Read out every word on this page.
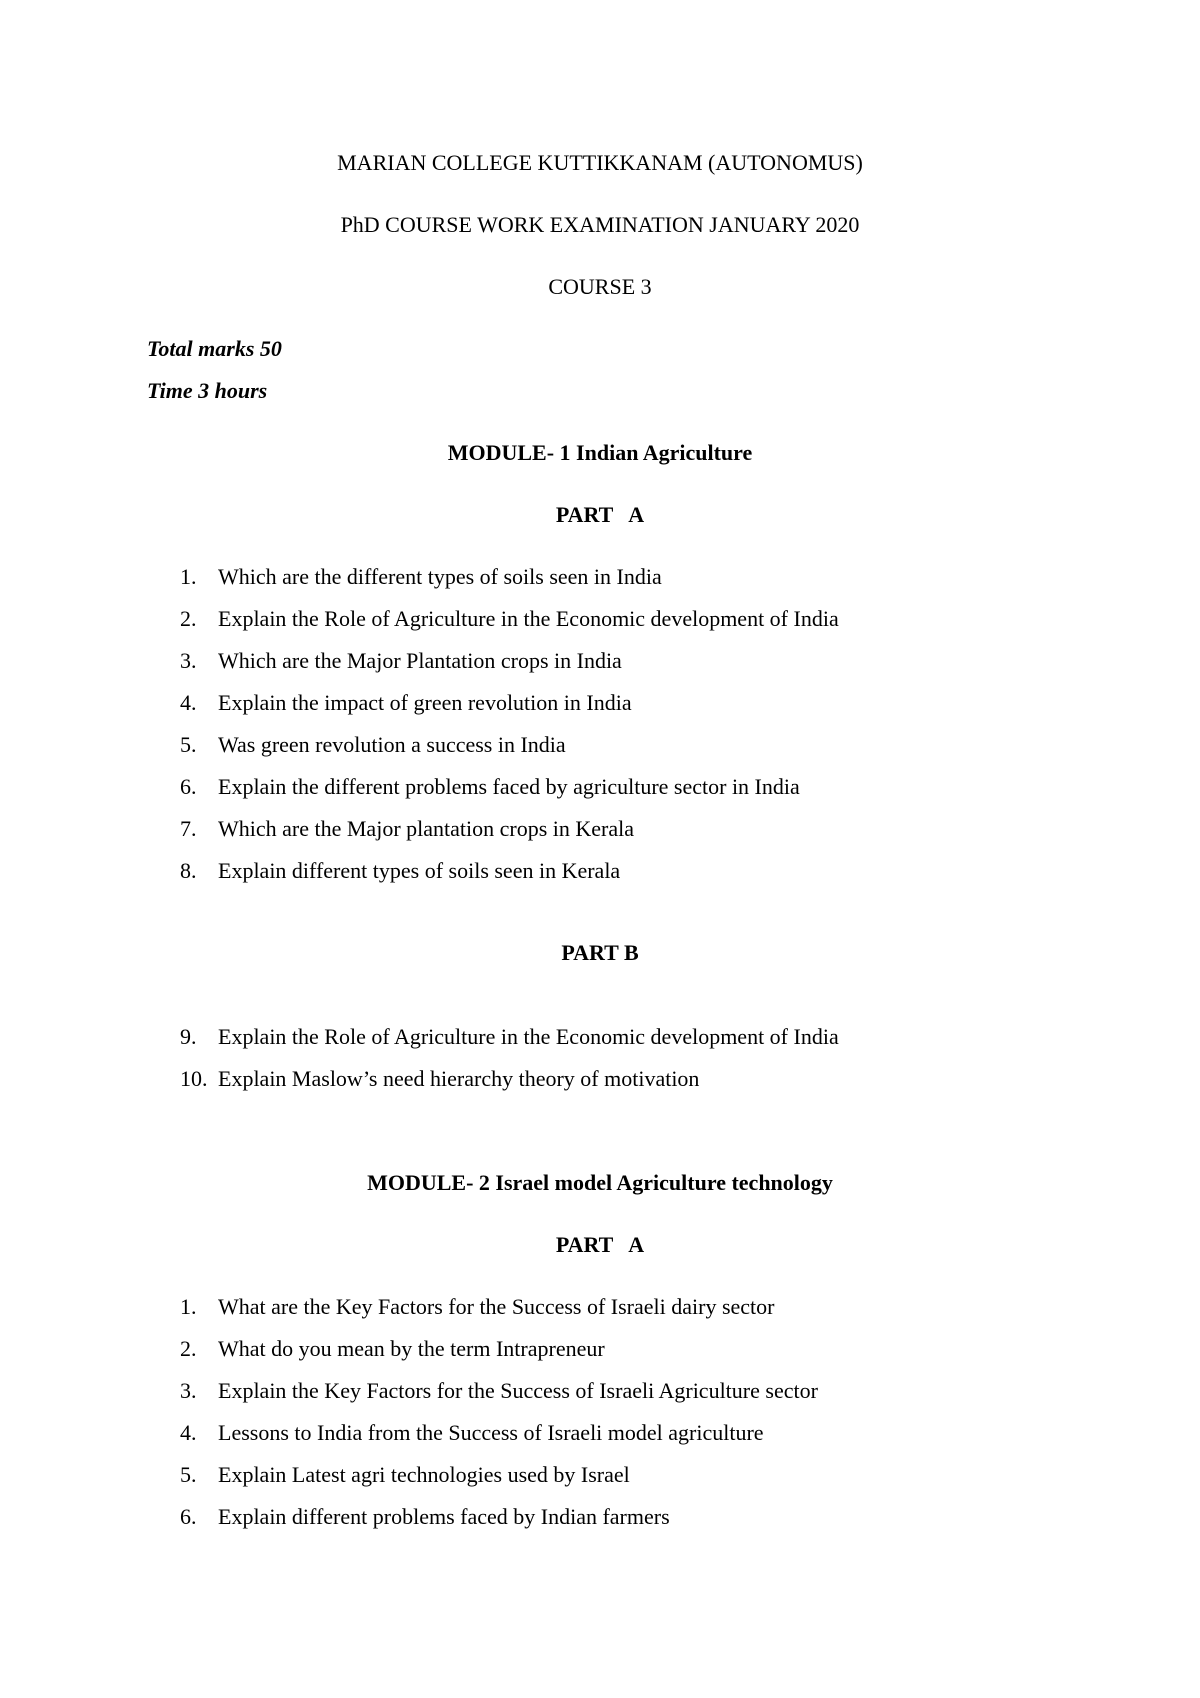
MARIAN COLLEGE KUTTIKKANAM (AUTONOMUS)
PhD COURSE WORK EXAMINATION JANUARY 2020
COURSE 3
Total marks 50
Time 3 hours
MODULE- 1 Indian Agriculture
PART   A
1. Which are the different types of soils seen in India
2. Explain the Role of Agriculture in the Economic development of India
3. Which are the Major Plantation crops in India
4. Explain the impact of green revolution in India
5. Was green revolution a success in India
6. Explain the different problems faced by agriculture sector in India
7. Which are the Major plantation crops in Kerala
8. Explain different types of soils seen in Kerala
PART B
9. Explain the Role of Agriculture in the Economic development of India
10. Explain Maslow’s need hierarchy theory of motivation
MODULE- 2 Israel model Agriculture technology
PART   A
1. What are the Key Factors for the Success of Israeli dairy sector
2. What do you mean by the term Intrapreneur
3. Explain the Key Factors for the Success of Israeli Agriculture sector
4. Lessons to India from the Success of Israeli model agriculture
5. Explain Latest agri technologies used by Israel
6. Explain different problems faced by Indian farmers
